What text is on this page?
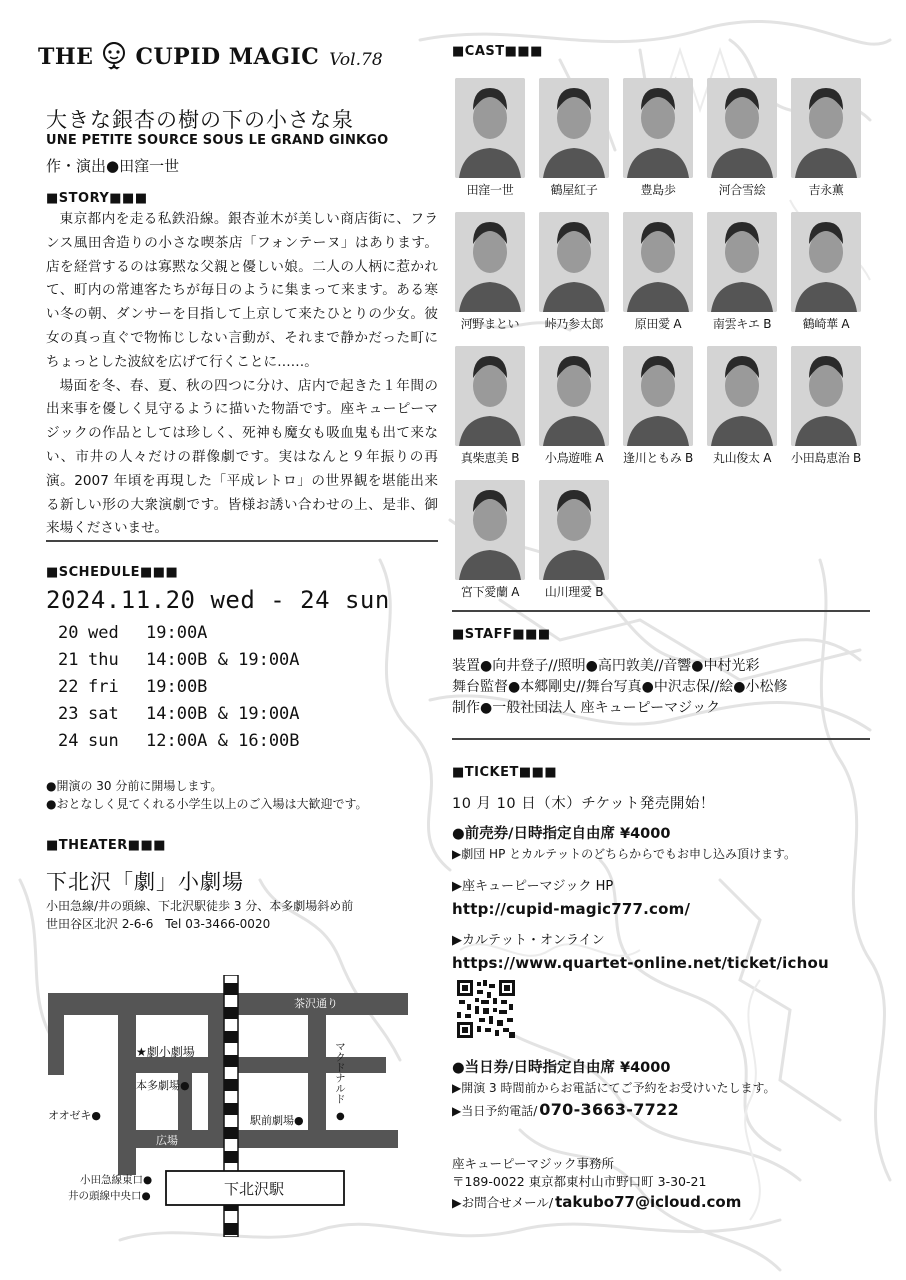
THE CUPID MAGIC Vol.78
大きな銀杏の樹の下の小さな泉
UNE PETITE SOURCE SOUS LE GRAND GINKGO
作・演出●田窪一世
■STORY■■■

東京都内を走る私鉄沿線。銀杏並木が美しい商店街に、フランス風田舎造りの小さな喫茶店「フォンテーヌ」はあります。店を経営するのは寡黙な父親と優しい娘。二人の人柄に惹かれて、町内の常連客たちが毎日のように集まって来ます。ある寒い冬の朝、ダンサーを目指して上京して来たひとりの少女。彼女の真っ直ぐで物怖じしない言動が、それまで静かだった町にちょっとした波紋を広げて行くことに……。

場面を冬、春、夏、秋の四つに分け、店内で起きた１年間の出来事を優しく見守るように描いた物語です。座キューピーマジックの作品としては珍しく、死神も魔女も吸血鬼も出て来ない、市井の人々だけの群像劇です。実はなんと９年振りの再演。2007 年頃を再現した「平成レトロ」の世界観を堪能出来る新しい形の大衆演劇です。皆様お誘い合わせの上、是非、御来場くださいませ。

■SCHEDULE■■■
2024.11.20 wed - 24 sun
20 wed	19:00A
21 thu	14:00B & 19:00A
22 fri	19:00B
23 sat	14:00B & 19:00A
24 sun	12:00A & 16:00B
●開演の 30 分前に開場します。
●おとなしく見てくれる小学生以上のご入場は大歓迎です。
■THEATER■■■
下北沢「劇」小劇場
小田急線/井の頭線、下北沢駅徒歩 3 分、本多劇場斜め前
世田谷区北沢 2-6-6　Tel 03-3466-0020
茶沢通り
★劇小劇場
本多劇場●	マクドナルド
●
オオゼキ●	駅前劇場●
広場
小田急線東口●
井の頭線中央口●	下北沢駅
■CAST■■■
田窪一世	鶴屋紅子	豊島歩	河合雪絵	吉永薫
河野まとい	峠乃参太郎	原田愛 A	南雲キエ B	鶴崎華 A
真柴恵美 B	小鳥遊唯 A	逢川ともみ B	丸山俊太 A	小田島恵治 B
宮下愛蘭 A	山川理愛 B
■STAFF■■■
装置●向井登子//照明●高円敦美//音響●中村光彩
舞台監督●本郷剛史//舞台写真●中沢志保//絵●小松修
制作●一般社団法人 座キューピーマジック
■TICKET■■■
10 月 10 日（木）チケット発売開始！
●前売券/日時指定自由席 ¥4000
▶劇団 HP とカルテットのどちらからでもお申し込み頂けます。
▶座キューピーマジック HP
http://cupid-magic777.com/
▶カルテット・オンライン
https://www.quartet-online.net/ticket/ichou
●当日券/日時指定自由席 ¥4000
▶開演 3 時間前からお電話にてご予約をお受けいたします。
▶当日予約電話/ 070-3663-7722
座キューピーマジック事務所
〒189-0022 東京都東村山市野口町 3-30-21
▶お問合せメール/ takubo77@icloud.com
